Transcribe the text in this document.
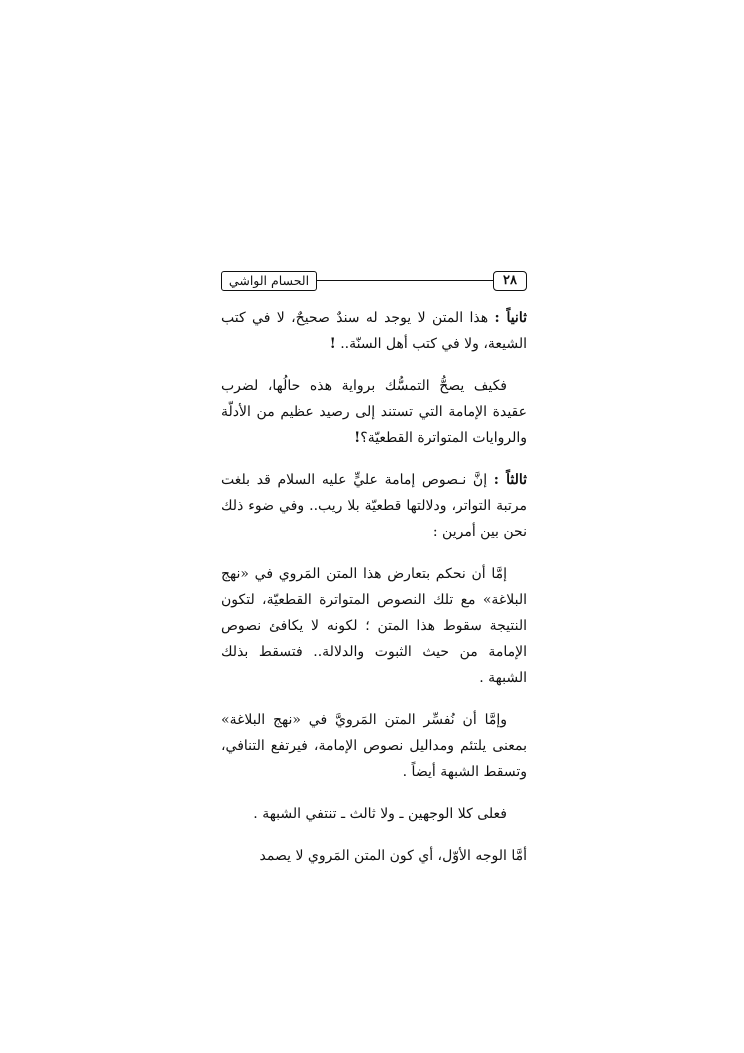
الحسام الواشي	٢٨

ثانياً : هذا المتن لا يوجد له سندٌ صحيحٌ، لا في كتب الشيعة، ولا في كتب أهل السنّة.. !

فكيف يصحُّ التمسُّك برواية هذه حالُها، لضرب عقيدة الإمامة التي تستند إلى رصيد عظيم من الأدلّة والروايات المتواترة القطعيّة؟!

ثالثاً : إنَّ نـصوص إمامة عليٍّ عليه السلام قد بلغت مرتبة التواتر، ودلالتها قطعيّة بلا ريب.. وفي ضوء ذلك نحن بين أمرين :

إمَّا أن نحكم بتعارض هذا المتن المَروي في «نهج البلاغة» مع تلك النصوص المتواترة القطعيّة، لتكون النتيجة سقوط هذا المتن ؛ لكونه لا يكافئ نصوص الإمامة من حيث الثبوت والدلالة.. فتسقط بذلك الشبهة .

وإمَّا أن نُفسِّر المتن المَرويَّ في «نهج البلاغة» بمعنى يلتئم ومداليل نصوص الإمامة، فيرتفع التنافي، وتسقط الشبهة أيضاً .

فعلى كلا الوجهين ـ ولا ثالث ـ تنتفي الشبهة .

أمَّا الوجه الأوّل، أي كون المتن المَروي لا يصمد
